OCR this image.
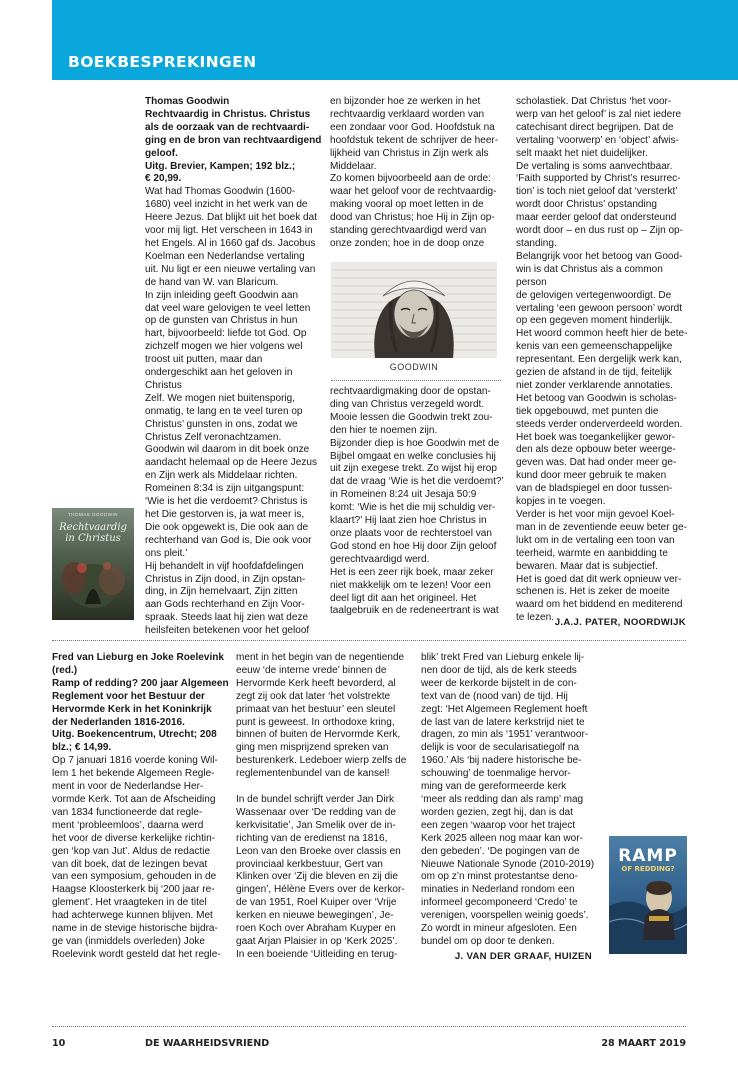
BOEKBESPREKINGEN

Thomas Goodwin

Rechtvaardig in Christus. Christus

als de oorzaak van de rechtvaardi-

ging en de bron van rechtvaardigend

geloof.

Uitg. Brevier, Kampen; 192 blz.;

€ 20,99.

Wat had Thomas Goodwin (1600-

1680) veel inzicht in het werk van de

Heere Jezus. Dat blijkt uit het boek dat

voor mij ligt. Het verscheen in 1643 in

het Engels. Al in 1660 gaf ds. Jacobus

Koelman een Nederlandse vertaling

uit. Nu ligt er een nieuwe vertaling van

de hand van W. van Blaricum.

In zijn inleiding geeft Goodwin aan

dat veel ware gelovigen te veel letten

op de gunsten van Christus in hun

hart, bijvoorbeeld: liefde tot God. Op

zichzelf mogen we hier volgens wel

troost uit putten, maar dan ondergeschikt aan het geloven in Christus

Zelf. We mogen niet buitensporig,

onmatig, te lang en te veel turen op

Christus’ gunsten in ons, zodat we

Christus Zelf veronachtzamen.

Goodwin wil daarom in dit boek onze

aandacht helemaal op de Heere Jezus

en Zijn werk als Middelaar richten.

Romeinen 8:34 is zijn uitgangspunt:

‘Wie is het die verdoemt? Christus is

het Die gestorven is, ja wat meer is,

Die ook opgewekt is, Die ook aan de

rechterhand van God is, Die ook voor

ons pleit.’

Hij behandelt in vijf hoofdafdelingen

Christus in Zijn dood, in Zijn opstan-

ding, in Zijn hemelvaart, Zijn zitten

aan Gods rechterhand en Zijn Voor-

spraak. Steeds laat hij zien wat deze

heilsfeiten betekenen voor het geloof

THOMAS GOODWIN
Rechtvaardig in Christus

en bijzonder hoe ze werken in het

rechtvaardig verklaard worden van

een zondaar voor God. Hoofdstuk na

hoofdstuk tekent de schrijver de heer-

lijkheid van Christus in Zijn werk als

Middelaar.

Zo komen bijvoorbeeld aan de orde:

waar het geloof voor de rechtvaardig-

making vooral op moet letten in de

dood van Christus; hoe Hij in Zijn op-

standing gerechtvaardigd werd van

onze zonden; hoe in de doop onze

GOODWIN

rechtvaardigmaking door de opstan-

ding van Christus verzegeld wordt.

Mooie lessen die Goodwin trekt zou-

den hier te noemen zijn.

Bijzonder diep is hoe Goodwin met de

Bijbel omgaat en welke conclusies hij

uit zijn exegese trekt. Zo wijst hij erop

dat de vraag ‘Wie is het die verdoemt?’

in Romeinen 8:24 uit Jesaja 50:9

komt: ‘Wie is het die mij schuldig ver-

klaart?’ Hij laat zien hoe Christus in

onze plaats voor de rechterstoel van

God stond en hoe Hij door Zijn geloof

gerechtvaardigd werd.

Het is een zeer rijk boek, maar zeker

niet makkelijk om te lezen! Voor een

deel ligt dit aan het origineel. Het

taalgebruik en de redeneertrant is wat

scholastiek. Dat Christus ‘het voor-

werp van het geloof’ is zal niet iedere

catechisant direct begrijpen. Dat de

vertaling ‘voorwerp’ en ‘object’ afwis-

selt maakt het niet duidelijker.

De vertaling is soms aanvechtbaar.

‘Faith supported by Christ’s resurrec-

tion’ is toch niet geloof dat ‘versterkt’

wordt door Christus’ opstanding

maar eerder geloof dat ondersteund

wordt door – en dus rust op – Zijn op-

standing.

Belangrijk voor het betoog van Good-

win is dat Christus als a common person

de gelovigen vertegenwoordigt. De

vertaling ‘een gewoon persoon’ wordt

op een gegeven moment hinderlijk.

Het woord common heeft hier de bete-

kenis van een gemeenschappelijke

representant. Een dergelijk werk kan,

gezien de afstand in de tijd, feitelijk

niet zonder verklarende annotaties.

Het betoog van Goodwin is scholas-

tiek opgebouwd, met punten die

steeds verder onderverdeeld worden.

Het boek was toegankelijker gewor-

den als deze opbouw beter weerge-

geven was. Dat had onder meer ge-

kund door meer gebruik te maken

van de bladspiegel en door tussen-

kopjes in te voegen.

Verder is het voor mijn gevoel Koel-

man in de zeventiende eeuw beter ge-

lukt om in de vertaling een toon van

teerheid, warmte en aanbidding te

bewaren. Maar dat is subjectief.

Het is goed dat dit werk opnieuw ver-

schenen is. Het is zeker de moeite

waard om het biddend en mediterend

te lezen. J.A.J. PATER, NOORDWIJK

Fred van Lieburg en Joke Roelevink

(red.)

Ramp of redding? 200 jaar Algemeen

Reglement voor het Bestuur der

Hervormde Kerk in het Koninkrijk

der Nederlanden 1816-2016.

Uitg. Boekencentrum, Utrecht; 208

blz.; € 14,99.

Op 7 januari 1816 voerde koning Wil-

lem 1 het bekende Algemeen Regle-

ment in voor de Nederlandse Her-

vormde Kerk. Tot aan de Afscheiding

van 1834 functioneerde dat regle-

ment ‘probleemloos’, daarna werd

het voor de diverse kerkelijke richtin-

gen ‘kop van Jut’. Aldus de redactie

van dit boek, dat de lezingen bevat

van een symposium, gehouden in de

Haagse Kloosterkerk bij ‘200 jaar re-

glement’. Het vraagteken in de titel

had achterwege kunnen blijven. Met

name in de stevige historische bijdra-

ge van (inmiddels overleden) Joke

Roelevink wordt gesteld dat het regle-

ment in het begin van de negentiende

eeuw ‘de interne vrede’ binnen de

Hervormde Kerk heeft bevorderd, al

zegt zij ook dat later ‘het volstrekte

primaat van het bestuur’ een sleutel

punt is geweest. In orthodoxe kring,

binnen of buiten de Hervormde Kerk,

ging men misprijzend spreken van

besturenkerk. Ledeboer wierp zelfs de

reglementenbundel van de kansel!

In de bundel schrijft verder Jan Dirk

Wassenaar over ‘De redding van de

kerkvisitatie’, Jan Smelik over de in-

richting van de eredienst na 1816,

Leon van den Broeke over classis en

provinciaal kerkbestuur, Gert van

Klinken over ‘Zij die bleven en zij die

gingen’, Hélène Evers over de kerkor-

de van 1951, Roel Kuiper over ‘Vrije

kerken en nieuwe bewegingen’, Je-

roen Koch over Abraham Kuyper en

gaat Arjan Plaisier in op ‘Kerk 2025’.

In een boeiende ‘Uitleiding en terug-

blik’ trekt Fred van Lieburg enkele lij-

nen door de tijd, als de kerk steeds

weer de kerkorde bijstelt in de con-

text van de (nood van) de tijd. Hij

zegt: ‘Het Algemeen Reglement hoeft

de last van de latere kerkstrijd niet te

dragen, zo min als ‘1951’ verantwoor-

delijk is voor de secularisatiegolf na

1960.’ Als ‘bij nadere historische be-

schouwing’ de toenmalige hervor-

ming van de gereformeerde kerk

‘meer als redding dan als ramp’ mag

worden gezien, zegt hij, dan is dat

een zegen ‘waarop voor het traject

Kerk 2025 alleen nog maar kan wor-

den gebeden’. ‘De pogingen van de

Nieuwe Nationale Synode (2010-2019)

om op z’n minst protestantse deno-

minaties in Nederland rondom een

informeel gecomponeerd ‘Credo’ te

verenigen, voorspellen weinig goeds’.

Zo wordt in mineur afgesloten. Een

bundel om op door te denken.

J. VAN DER GRAAF, HUIZEN
RAMP
OF REDDING?
10	DE WAARHEIDSVRIEND	28 MAART 2019
